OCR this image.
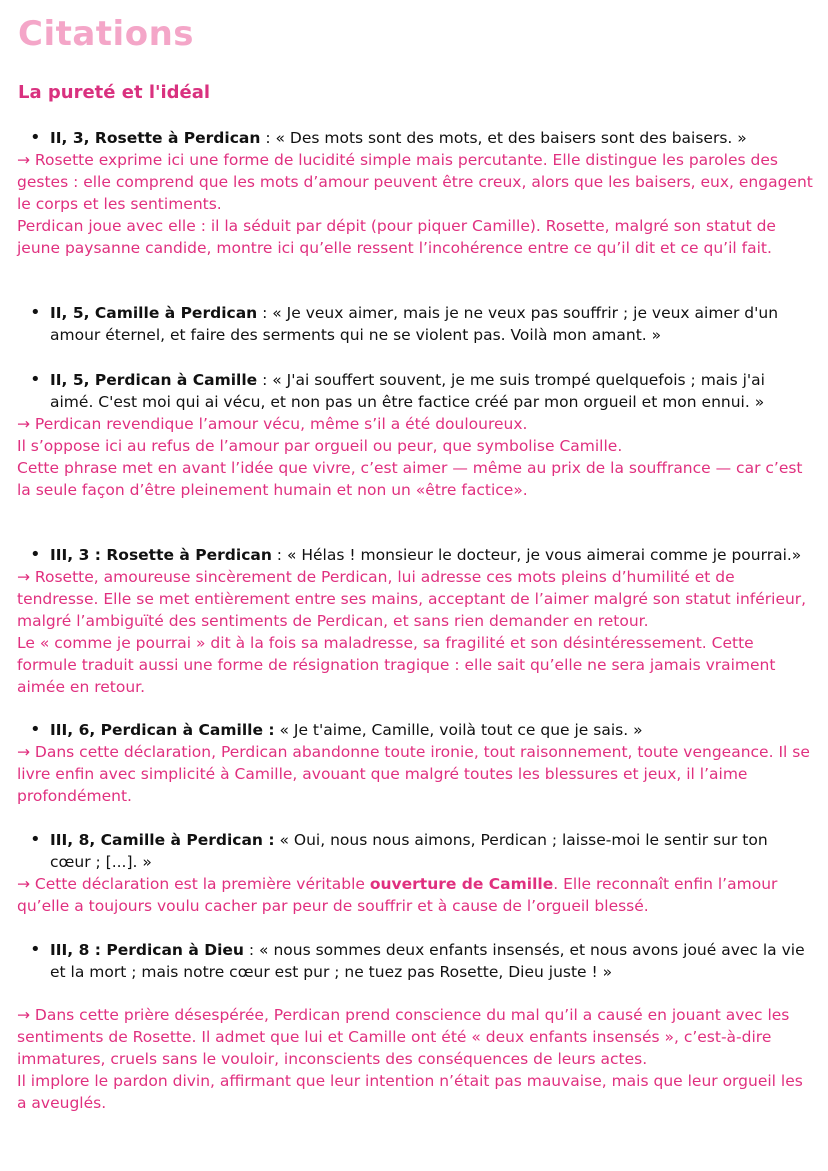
Citations
La pureté et l'idéal
• II, 3, Rosette à Perdican : « Des mots sont des mots, et des baisers sont des baisers. »

→ Rosette exprime ici une forme de lucidité simple mais percutante. Elle distingue les paroles des gestes : elle comprend que les mots d’amour peuvent être creux, alors que les baisers, eux, engagent le corps et les sentiments.

Perdican joue avec elle : il la séduit par dépit (pour piquer Camille). Rosette, malgré son statut de jeune paysanne candide, montre ici qu’elle ressent l’incohérence entre ce qu’il dit et ce qu’il fait.

• II, 5, Camille à Perdican : « Je veux aimer, mais je ne veux pas souffrir ; je veux aimer d'un amour éternel, et faire des serments qui ne se violent pas. Voilà mon amant. »
• II, 5, Perdican à Camille : « J'ai souffert souvent, je me suis trompé quelquefois ; mais j'ai aimé. C'est moi qui ai vécu, et non pas un être factice créé par mon orgueil et mon ennui. »

→ Perdican revendique l’amour vécu, même s’il a été douloureux.

Il s’oppose ici au refus de l’amour par orgueil ou peur, que symbolise Camille.

Cette phrase met en avant l’idée que vivre, c’est aimer — même au prix de la souffrance — car c’est la seule façon d’être pleinement humain et non un «être factice».

• III, 3 : Rosette à Perdican : « Hélas ! monsieur le docteur, je vous aimerai comme je pourrai.»

→ Rosette, amoureuse sincèrement de Perdican, lui adresse ces mots pleins d’humilité et de tendresse. Elle se met entièrement entre ses mains, acceptant de l’aimer malgré son statut inférieur, malgré l’ambiguïté des sentiments de Perdican, et sans rien demander en retour.

Le « comme je pourrai » dit à la fois sa maladresse, sa fragilité et son désintéressement. Cette formule traduit aussi une forme de résignation tragique : elle sait qu’elle ne sera jamais vraiment aimée en retour.

• III, 6, Perdican à Camille : « Je t'aime, Camille, voilà tout ce que je sais. »

→ Dans cette déclaration, Perdican abandonne toute ironie, tout raisonnement, toute vengeance. Il se livre enfin avec simplicité à Camille, avouant que malgré toutes les blessures et jeux, il l’aime profondément.

• III, 8, Camille à Perdican : « Oui, nous nous aimons, Perdican ; laisse-moi le sentir sur ton cœur ; [...]. »

→ Cette déclaration est la première véritable ouverture de Camille. Elle reconnaît enfin l’amour qu’elle a toujours voulu cacher par peur de souffrir et à cause de l’orgueil blessé.

• III, 8 : Perdican à Dieu : « nous sommes deux enfants insensés, et nous avons joué avec la vie et la mort ; mais notre cœur est pur ; ne tuez pas Rosette, Dieu juste ! »

→ Dans cette prière désespérée, Perdican prend conscience du mal qu’il a causé en jouant avec les sentiments de Rosette. Il admet que lui et Camille ont été « deux enfants insensés », c’est-à-dire immatures, cruels sans le vouloir, inconscients des conséquences de leurs actes.

Il implore le pardon divin, affirmant que leur intention n’était pas mauvaise, mais que leur orgueil les a aveuglés.
